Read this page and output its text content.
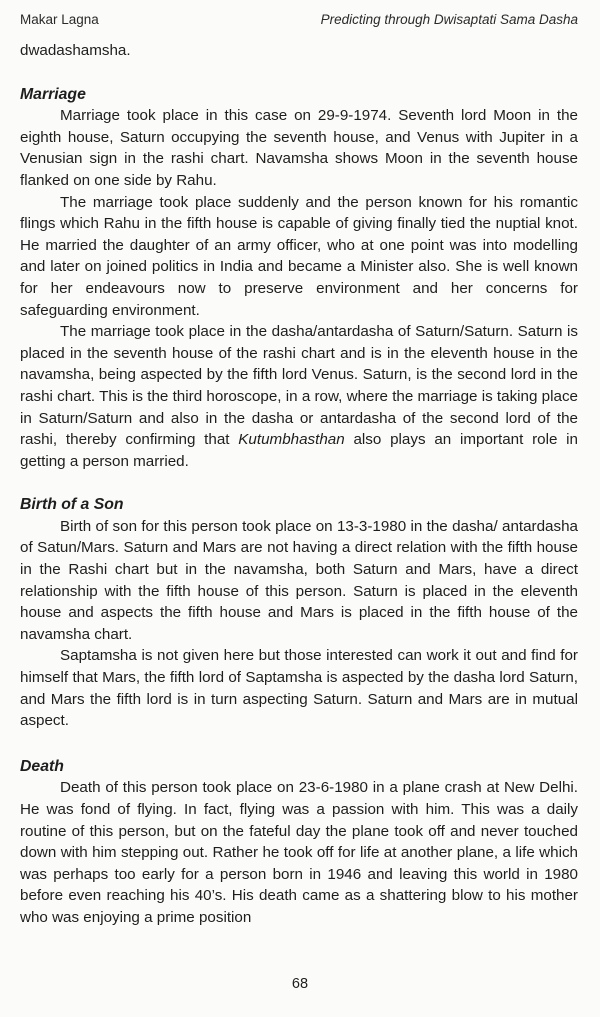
Makar Lagna	Predicting through Dwisaptati Sama Dasha

dwadashamsha.

Marriage

Marriage took place in this case on 29-9-1974. Seventh lord Moon in the eighth house, Saturn occupying the seventh house, and Venus with Jupiter in a Venusian sign in the rashi chart. Navamsha shows Moon in the seventh house flanked on one side by Rahu.

The marriage took place suddenly and the person known for his romantic flings which Rahu in the fifth house is capable of giving finally tied the nuptial knot. He married the daughter of an army officer, who at one point was into modelling and later on joined politics in India and became a Minister also. She is well known for her endeavours now to preserve environment and her concerns for safeguarding environment.

The marriage took place in the dasha/antardasha of Saturn/Saturn. Saturn is placed in the seventh house of the rashi chart and is in the eleventh house in the navamsha, being aspected by the fifth lord Venus. Saturn, is the second lord in the rashi chart. This is the third horoscope, in a row, where the marriage is taking place in Saturn/Saturn and also in the dasha or antardasha of the second lord of the rashi, thereby confirming that Kutumbhasthan also plays an important role in getting a person married.

Birth of a Son

Birth of son for this person took place on 13-3-1980 in the dasha/ antardasha of Satun/Mars. Saturn and Mars are not having a direct relation with the fifth house in the Rashi chart but in the navamsha, both Saturn and Mars, have a direct relationship with the fifth house of this person. Saturn is placed in the eleventh house and aspects the fifth house and Mars is placed in the fifth house of the navamsha chart.

Saptamsha is not given here but those interested can work it out and find for himself that Mars, the fifth lord of Saptamsha is aspected by the dasha lord Saturn, and Mars the fifth lord is in turn aspecting Saturn. Saturn and Mars are in mutual aspect.

Death

Death of this person took place on 23-6-1980 in a plane crash at New Delhi. He was fond of flying. In fact, flying was a passion with him. This was a daily routine of this person, but on the fateful day the plane took off and never touched down with him stepping out. Rather he took off for life at another plane, a life which was perhaps too early for a person born in 1946 and leaving this world in 1980 before even reaching his 40’s. His death came as a shattering blow to his mother who was enjoying a prime position

68
